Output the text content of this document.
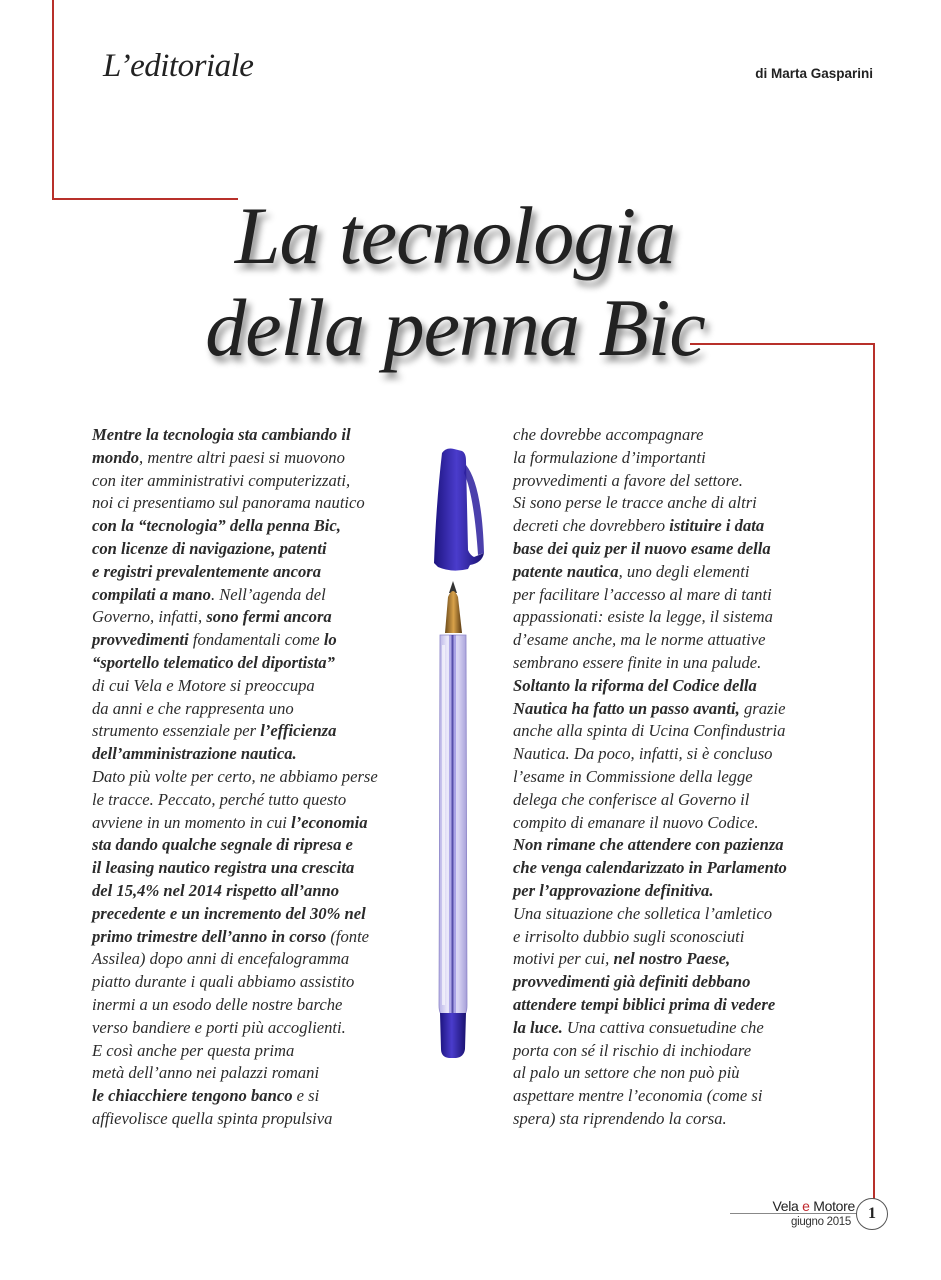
L’editoriale	di Marta Gasparini
La tecnologia
della penna Bic
Mentre la tecnologia sta cambiando il
mondo, mentre altri paesi si muovono
con iter amministrativi computerizzati,
noi ci presentiamo sul panorama nautico
con la “tecnologia” della penna Bic,
con licenze di navigazione, patenti
e registri prevalentemente ancora
compilati a mano. Nell’agenda del
Governo, infatti, sono fermi ancora
provvedimenti fondamentali come lo
“sportello telematico del diportista”
di cui Vela e Motore si preoccupa
da anni e che rappresenta uno
strumento essenziale per l’efficienza
dell’amministrazione nautica.
Dato più volte per certo, ne abbiamo perse
le tracce. Peccato, perché tutto questo
avviene in un momento in cui l’economia
sta dando qualche segnale di ripresa e
il leasing nautico registra una crescita
del 15,4% nel 2014 rispetto all’anno
precedente e un incremento del 30% nel
primo trimestre dell’anno in corso (fonte
Assilea) dopo anni di encefalogramma
piatto durante i quali abbiamo assistito
inermi a un esodo delle nostre barche
verso bandiere e porti più accoglienti.
E così anche per questa prima
metà dell’anno nei palazzi romani
le chiacchiere tengono banco e si
affievolisce quella spinta propulsiva
che dovrebbe accompagnare
la formulazione d’importanti
provvedimenti a favore del settore.
Si sono perse le tracce anche di altri
decreti che dovrebbero istituire i data
base dei quiz per il nuovo esame della
patente nautica, uno degli elementi
per facilitare l’accesso al mare di tanti
appassionati: esiste la legge, il sistema
d’esame anche, ma le norme attuative
sembrano essere finite in una palude.
Soltanto la riforma del Codice della
Nautica ha fatto un passo avanti, grazie
anche alla spinta di Ucina Confindustria
Nautica. Da poco, infatti, si è concluso
l’esame in Commissione della legge
delega che conferisce al Governo il
compito di emanare il nuovo Codice.
Non rimane che attendere con pazienza
che venga calendarizzato in Parlamento
per l’approvazione definitiva.
Una situazione che solletica l’amletico
e irrisolto dubbio sugli sconosciuti
motivi per cui, nel nostro Paese,
provvedimenti già definiti debbano
attendere tempi biblici prima di vedere
la luce. Una cattiva consuetudine che
porta con sé il rischio di inchiodare
al palo un settore che non può più
aspettare mentre l’economia (come si
spera) sta riprendendo la corsa.
Vela e Motore
giugno 2015	1
